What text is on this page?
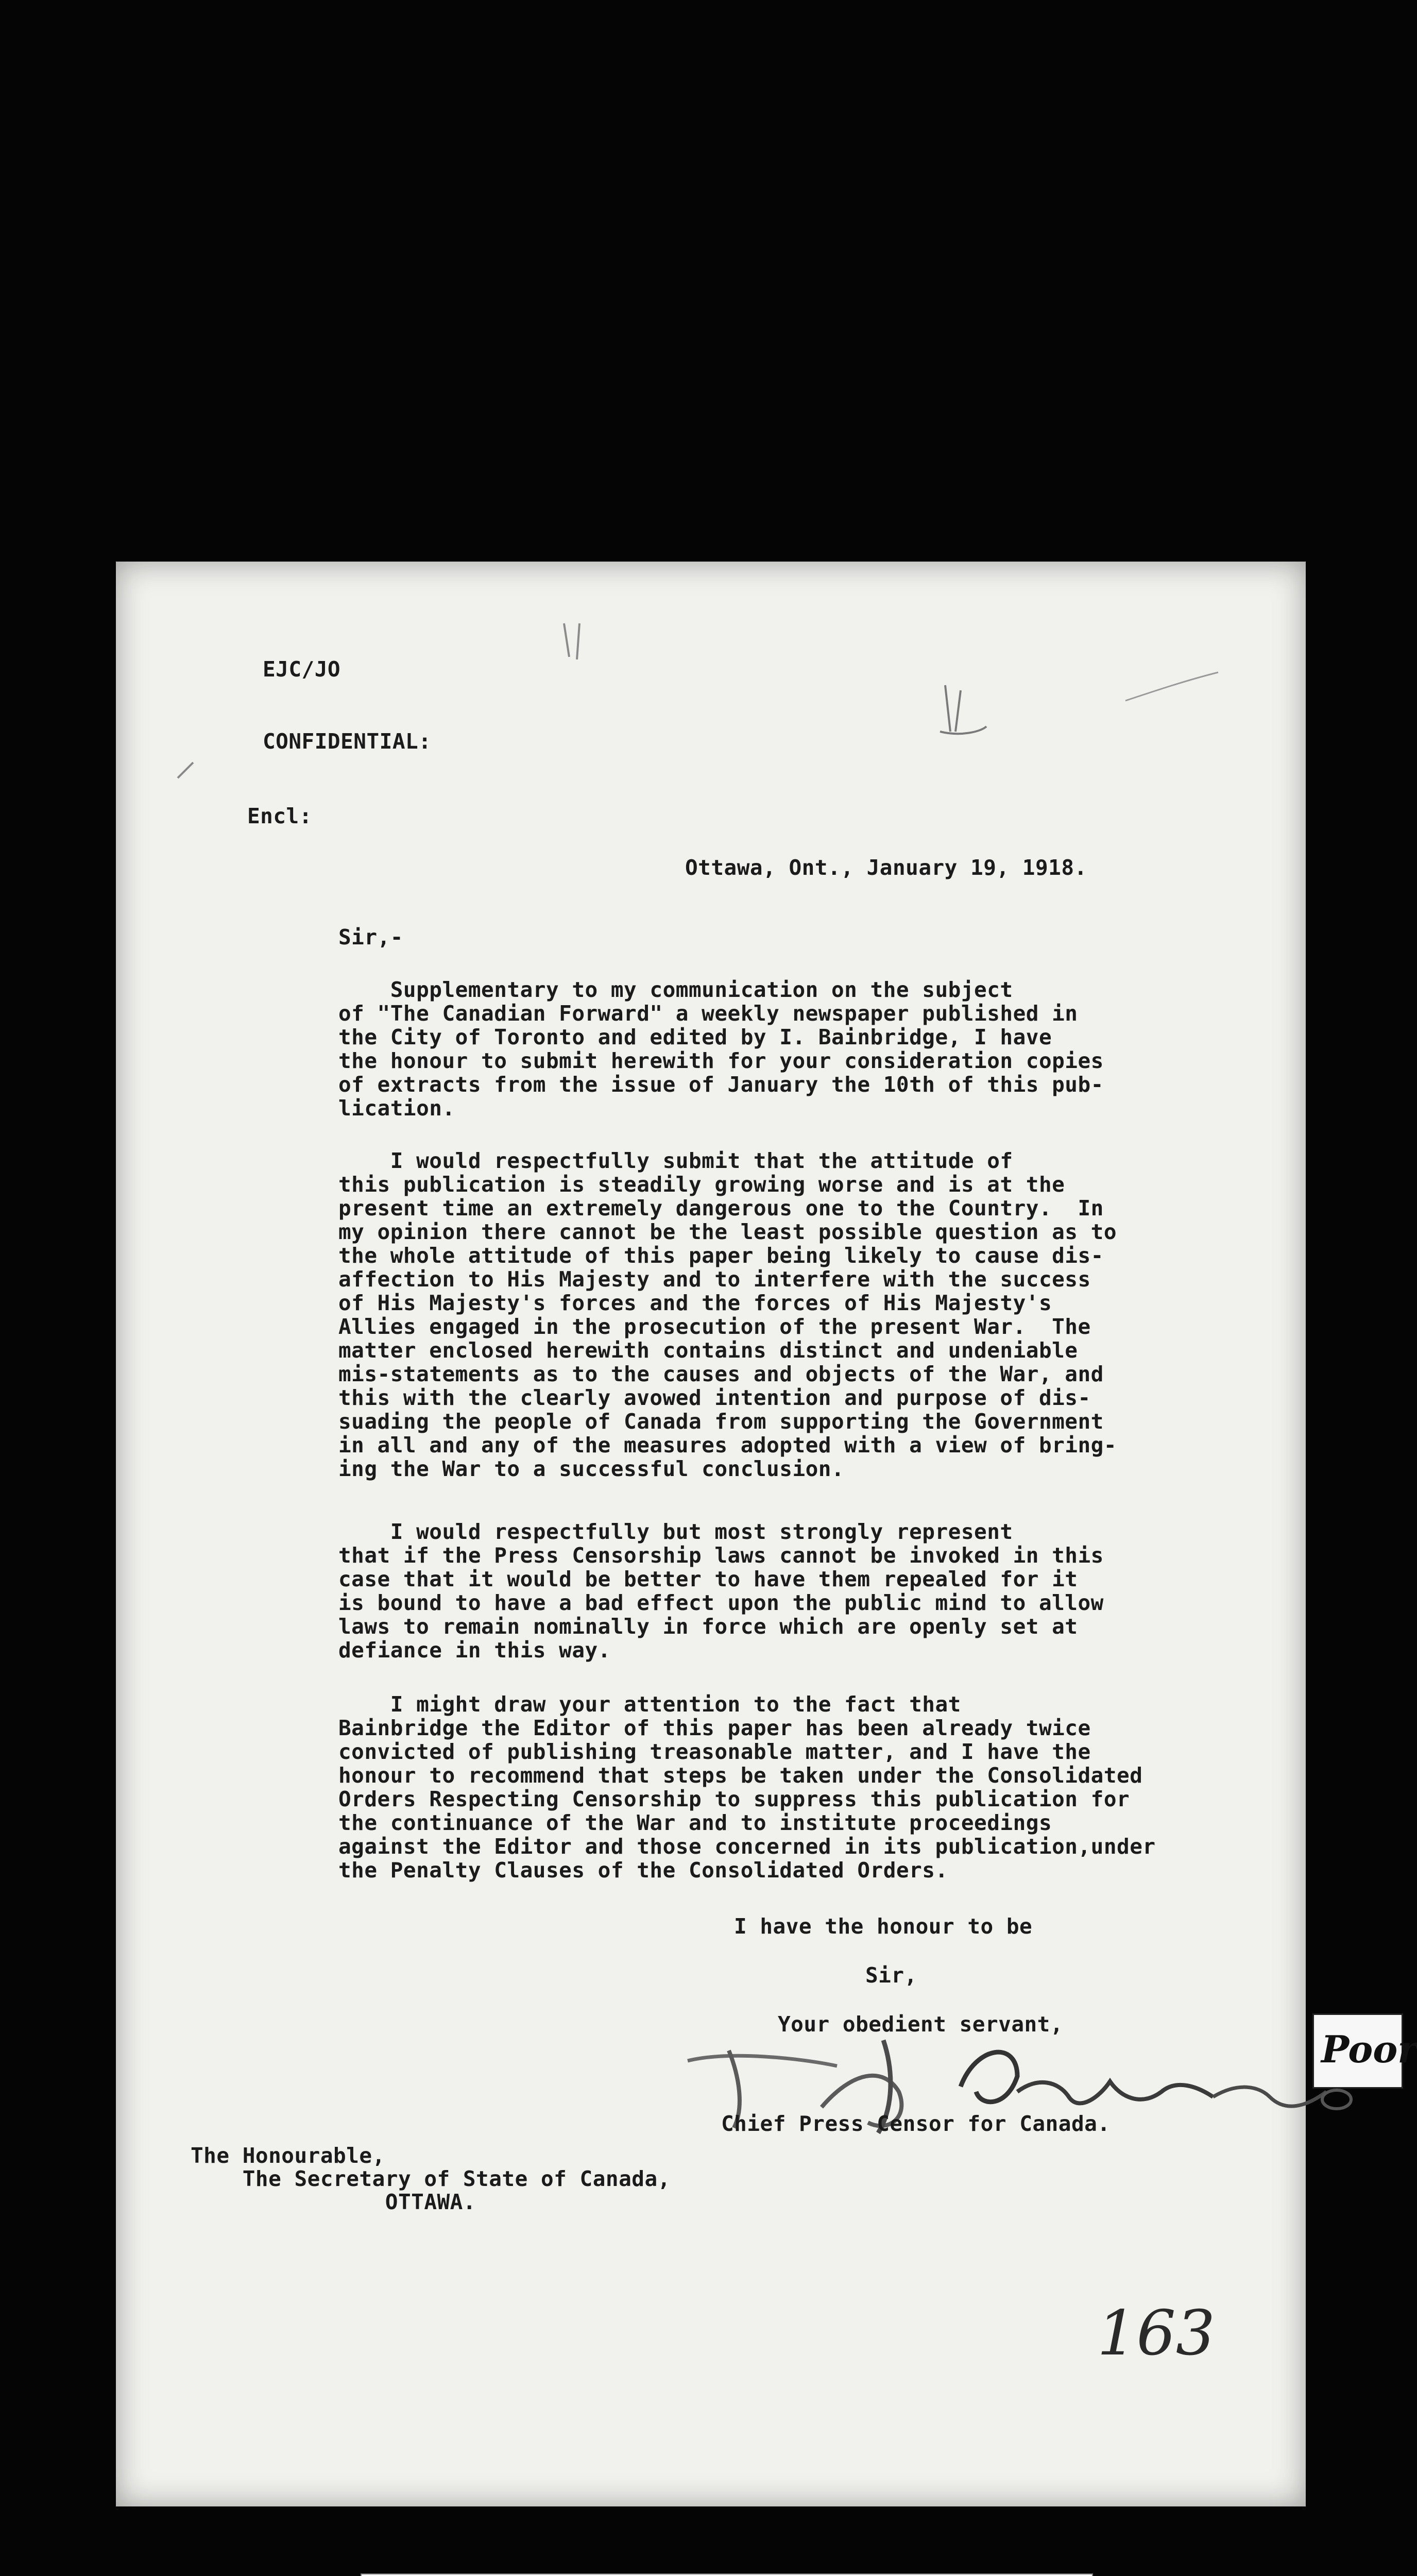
EJC/JO
CONFIDENTIAL:
Encl:
Ottawa, Ont., January 19, 1918.
Sir,-
Supplementary to my communication on the subject
of "The Canadian Forward" a weekly newspaper published in
the City of Toronto and edited by I. Bainbridge, I have
the honour to submit herewith for your consideration copies
of extracts from the issue of January the 10th of this pub-
lication.
I would respectfully submit that the attitude of
this publication is steadily growing worse and is at the
present time an extremely dangerous one to the Country.  In
my opinion there cannot be the least possible question as to
the whole attitude of this paper being likely to cause dis-
affection to His Majesty and to interfere with the success
of His Majesty's forces and the forces of His Majesty's
Allies engaged in the prosecution of the present War.  The
matter enclosed herewith contains distinct and undeniable
mis-statements as to the causes and objects of the War, and
this with the clearly avowed intention and purpose of dis-
suading the people of Canada from supporting the Government
in all and any of the measures adopted with a view of bring-
ing the War to a successful conclusion.
I would respectfully but most strongly represent
that if the Press Censorship laws cannot be invoked in this
case that it would be better to have them repealed for it
is bound to have a bad effect upon the public mind to allow
laws to remain nominally in force which are openly set at
defiance in this way.
I might draw your attention to the fact that
Bainbridge the Editor of this paper has been already twice
convicted of publishing treasonable matter, and I have the
honour to recommend that steps be taken under the Consolidated
Orders Respecting Censorship to suppress this publication for
the continuance of the War and to institute proceedings
against the Editor and those concerned in its publication,under
the Penalty Clauses of the Consolidated Orders.
I have the honour to be
Sir,
Your obedient servant,
Chief Press Censor for Canada.
The Honourable,
The Secretary of State of Canada,
OTTAWA.
163
Poor
